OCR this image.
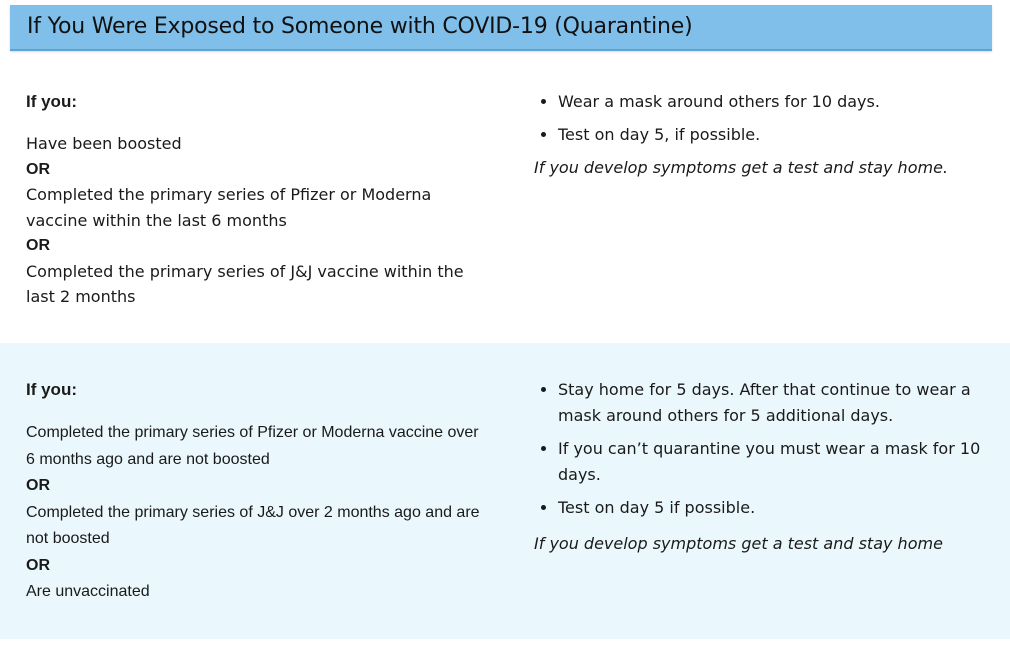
If You Were Exposed to Someone with COVID-19 (Quarantine)

If you:

Have been boosted
OR
Completed the primary series of Pfizer or Moderna vaccine within the last 6 months
OR
Completed the primary series of J&J vaccine within the last 2 months
• Wear a mask around others for 10 days.
• Test on day 5, if possible.

If you develop symptoms get a test and stay home.

If you:

Completed the primary series of Pfizer or Moderna vaccine over 6 months ago and are not boosted
OR
Completed the primary series of J&J over 2 months ago and are not boosted
OR
Are unvaccinated
• Stay home for 5 days. After that continue to wear a mask around others for 5 additional days.
• If you can’t quarantine you must wear a mask for 10 days.
• Test on day 5 if possible.

If you develop symptoms get a test and stay home
